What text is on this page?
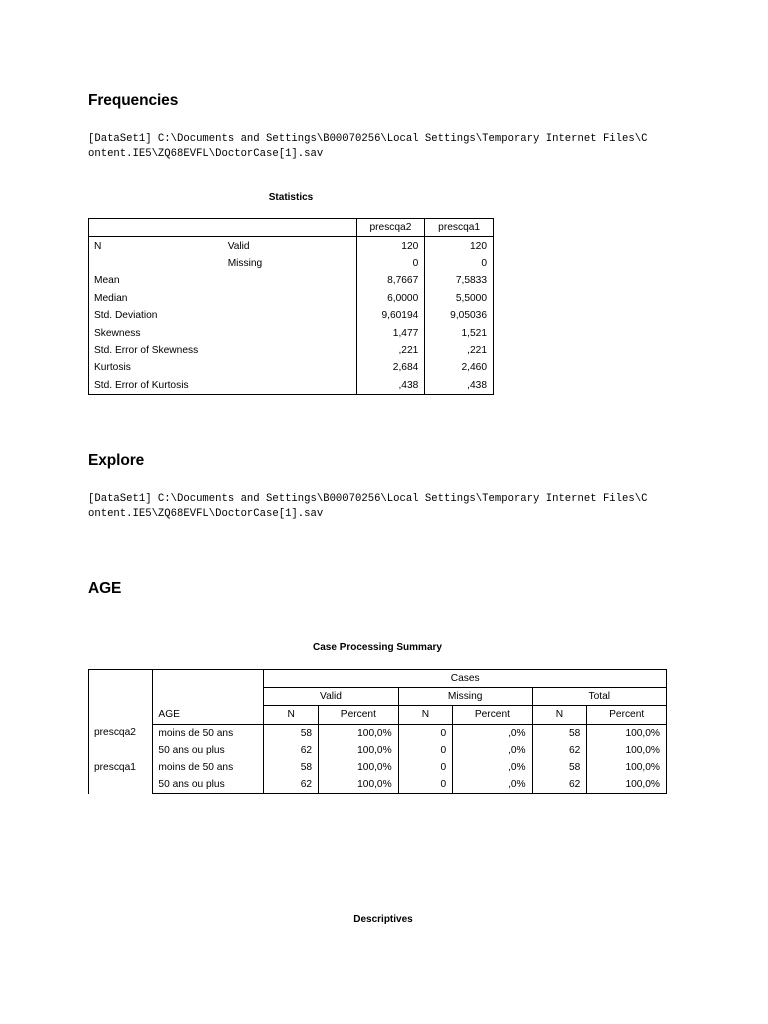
Frequencies
[DataSet1] C:\Documents and Settings\B00070256\Local Settings\Temporary Internet Files\Content.IE5\ZQ68EVFL\DoctorCase[1].sav
Statistics
		prescqa2	prescqa1
N	Valid	120	120
	Missing	0	0
Mean		8,7667	7,5833
Median		6,0000	5,5000
Std. Deviation		9,60194	9,05036
Skewness		1,477	1,521
Std. Error of Skewness		,221	,221
Kurtosis		2,684	2,460
Std. Error of Kurtosis		,438	,438
Explore
[DataSet1] C:\Documents and Settings\B00070256\Local Settings\Temporary Internet Files\Content.IE5\ZQ68EVFL\DoctorCase[1].sav
AGE
Case Processing Summary
		Cases					
		Valid		Missing		Total	
	AGE	N	Percent	N	Percent	N	Percent
prescqa2	moins de 50 ans	58	100,0%	0	,0%	58	100,0%
	50 ans ou plus	62	100,0%	0	,0%	62	100,0%
prescqa1	moins de 50 ans	58	100,0%	0	,0%	58	100,0%
	50 ans ou plus	62	100,0%	0	,0%	62	100,0%
Descriptives
